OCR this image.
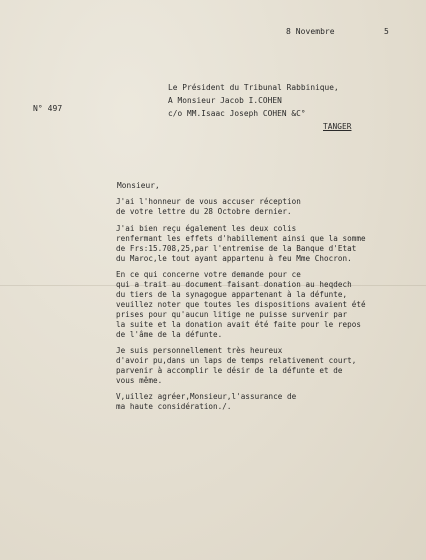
8 Novembre	5
N° 497
Le Président du Tribunal Rabbinique,
A Monsieur Jacob I.COHEN
c/o MM.Isaac Joseph COHEN &C°
TANGER
Monsieur,
J'ai l'honneur de vous accuser réception
de votre lettre du 28 Octobre dernier.
J'ai bien reçu également les deux colis
renfermant les effets d'habillement ainsi que la somme
de Frs:15.708,25,par l'entremise de la Banque d'Etat
du Maroc,le tout ayant appartenu à feu Mme Chocron.
En ce qui concerne votre demande pour ce
qui a trait au document faisant donation au heqdech
du tiers de la synagogue appartenant à la défunte,
veuillez noter que toutes les dispositions avaient été
prises pour qu'aucun litige ne puisse survenir par
la suite et la donation avait été faite pour le repos
de l'âme de la défunte.
Je suis personnellement très heureux
d'avoir pu,dans un laps de temps relativement court,
parvenir à accomplir le désir de la défunte et de
vous même.
V,uillez agréer,Monsieur,l'assurance de
ma haute considération./.
